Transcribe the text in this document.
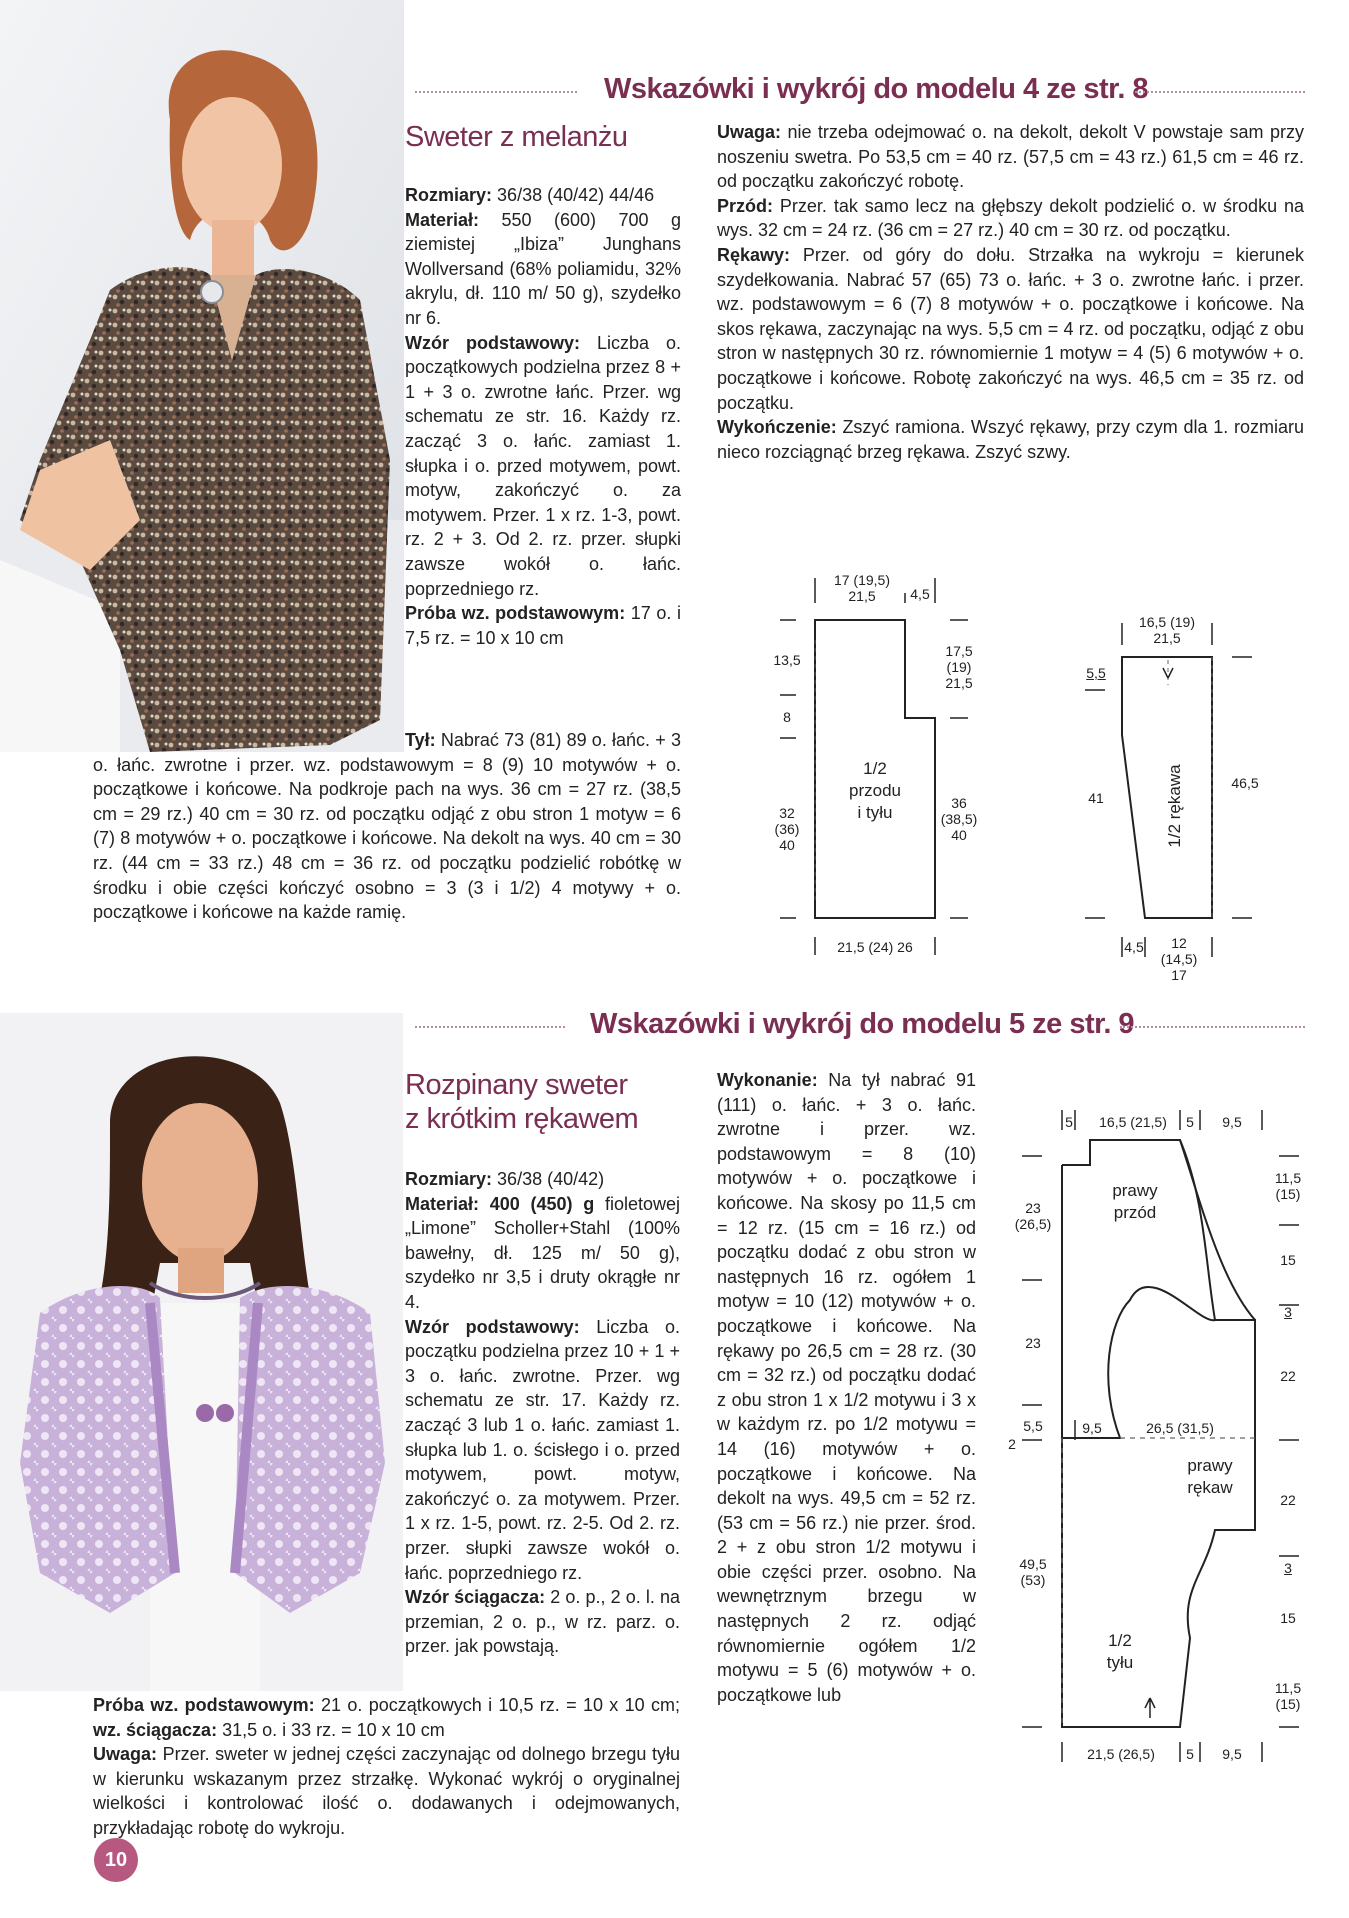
Wskazówki i wykrój do modelu 4 ze str. 8
Sweter z melanżu

Rozmiary: 36/38 (40/42) 44/46

Materiał: 550 (600) 700 g ziemistej „Ibiza” Junghans Wollversand (68% poliamidu, 32% akrylu, dł. 110 m/ 50 g), szydełko nr 6.

Wzór podstawowy: Liczba o. początkowych podzielna przez 8 + 1 + 3 o. zwrotne łańc. Przer. wg schematu ze str. 16. Każdy rz. zacząć 3 o. łańc. zamiast 1. słupka i o. przed motywem, powt. motyw, zakończyć o. za motywem. Przer. 1 x rz. 1-3, powt. rz. 2 + 3. Od 2. rz. przer. słupki zawsze wokół o. łańc. poprzedniego rz.

Próba wz. podstawowym: 17 o. i 7,5 rz. = 10 x 10 cm

Tył: Nabrać 73 (81) 89 o. łańc. + 3 o. łańc. zwrotne i przer. wz. podstawowym = 8 (9) 10 motywów + o. początkowe i końcowe. Na podkroje pach na wys. 36 cm = 27 rz. (38,5 cm = 29 rz.) 40 cm = 30 rz. od początku odjąć z obu stron 1 motyw = 6 (7) 8 motywów + o. początkowe i końcowe. Na dekolt na wys. 40 cm = 30 rz. (44 cm = 33 rz.) 48 cm = 36 rz. od początku podzielić robótkę w środku i obie części kończyć osobno = 3 (3 i 1/2) 4 motywy + o. początkowe i końcowe na każde ramię.

Uwaga: nie trzeba odejmować o. na dekolt, dekolt V powstaje sam przy noszeniu swetra. Po 53,5 cm = 40 rz. (57,5 cm = 43 rz.) 61,5 cm = 46 rz. od początku zakończyć robotę.

Przód: Przer. tak samo lecz na głębszy dekolt podzielić o. w środku na wys. 32 cm = 24 rz. (36 cm = 27 rz.) 40 cm = 30 rz. od początku.

Rękawy: Przer. od góry do dołu. Strzałka na wykroju = kierunek szydełkowania. Nabrać 57 (65) 73 o. łańc. + 3 o. zwrotne łańc. i przer. wz. podstawowym = 6 (7) 8 motywów + o. początkowe i końcowe. Na skos rękawa, zaczynając na wys. 5,5 cm = 4 rz. od początku, odjąć z obu stron w następnych 30 rz. równomiernie 1 motyw = 4 (5) 6 motywów + o. początkowe i końcowe. Robotę zakończyć na wys. 46,5 cm = 35 rz. od początku.

Wykończenie: Zszyć ramiona. Wszyć rękawy, przy czym dla 1. rozmiaru nieco rozciągnąć brzeg rękawa. Zszyć szwy.

17 (19,5)
21,5	4,5
13,5
8
32
(36)
40
17,5
(19)
21,5
36
(38,5)
40
1/2
przodu
i tyłu
21,5 (24) 26
16,5 (19)
21,5
5,5
41
46,5
1/2 rękawa
4,5	12
(14,5)
17
Wskazówki i wykrój do modelu 5 ze str. 9
Rozpinany sweter
z krótkim rękawem

Rozmiary: 36/38 (40/42)

Materiał: 400 (450) g fioletowej „Limone” Scholler+Stahl (100% bawełny, dł. 125 m/ 50 g), szydełko nr 3,5 i druty okrągłe nr 4.

Wzór podstawowy: Liczba o. początku podzielna przez 10 + 1 + 3 o. łańc. zwrotne. Przer. wg schematu ze str. 17. Każdy rz. zacząć 3 lub 1 o. łańc. zamiast 1. słupka lub 1. o. ścisłego i o. przed motywem, powt. motyw, zakończyć o. za motywem. Przer. 1 x rz. 1-5, powt. rz. 2-5. Od 2. rz. przer. słupki zawsze wokół o. łańc. poprzedniego rz.

Wzór ściągacza: 2 o. p., 2 o. l. na przemian, 2 o. p., w rz. parz. o. przer. jak powstają.

Próba wz. podstawowym: 21 o. początkowych i 10,5 rz. = 10 x 10 cm; wz. ściągacza: 31,5 o. i 33 rz. = 10 x 10 cm

Uwaga: Przer. sweter w jednej części zaczynając od dolnego brzegu tyłu w kierunku wskazanym przez strzałkę. Wykonać wykrój o oryginalnej wielkości i kontrolować ilość o. dodawanych i odejmowanych, przykładając robotę do wykroju.

Wykonanie: Na tył nabrać 91 (111) o. łańc. + 3 o. łańc. zwrotne i przer. wz. podstawowym = 8 (10) motywów + o. początkowe i końcowe. Na skosy po 11,5 cm = 12 rz. (15 cm = 16 rz.) od początku dodać z obu stron w następnych 16 rz. ogółem 1 motyw = 10 (12) motywów + o. początkowe i końcowe. Na rękawy po 26,5 cm = 28 rz. (30 cm = 32 rz.) od początku dodać z obu stron 1 x 1/2 motywu i 3 x w każdym rz. po 1/2 motywu = 14 (16) motywów + o. początkowe i końcowe. Na dekolt na wys. 49,5 cm = 52 rz. (53 cm = 56 rz.) nie przer. środ. 2 + z obu stron 1/2 motywu i obie części przer. osobno. Na wewnętrznym brzegu w następnych 2 rz. odjąć równomiernie ogółem 1/2 motywu = 5 (6) motywów + o. początkowe lub

5	16,5 (21,5)	5	9,5
prawy
przód
prawy
rękaw
1/2
tyłu
23
(26,5)
23
5,5
2
49,5
(53)
9,5	26,5 (31,5)
11,5
(15)
15
3
22
22
3
15
11,5
(15)
21,5 (26,5)	5	9,5
10
